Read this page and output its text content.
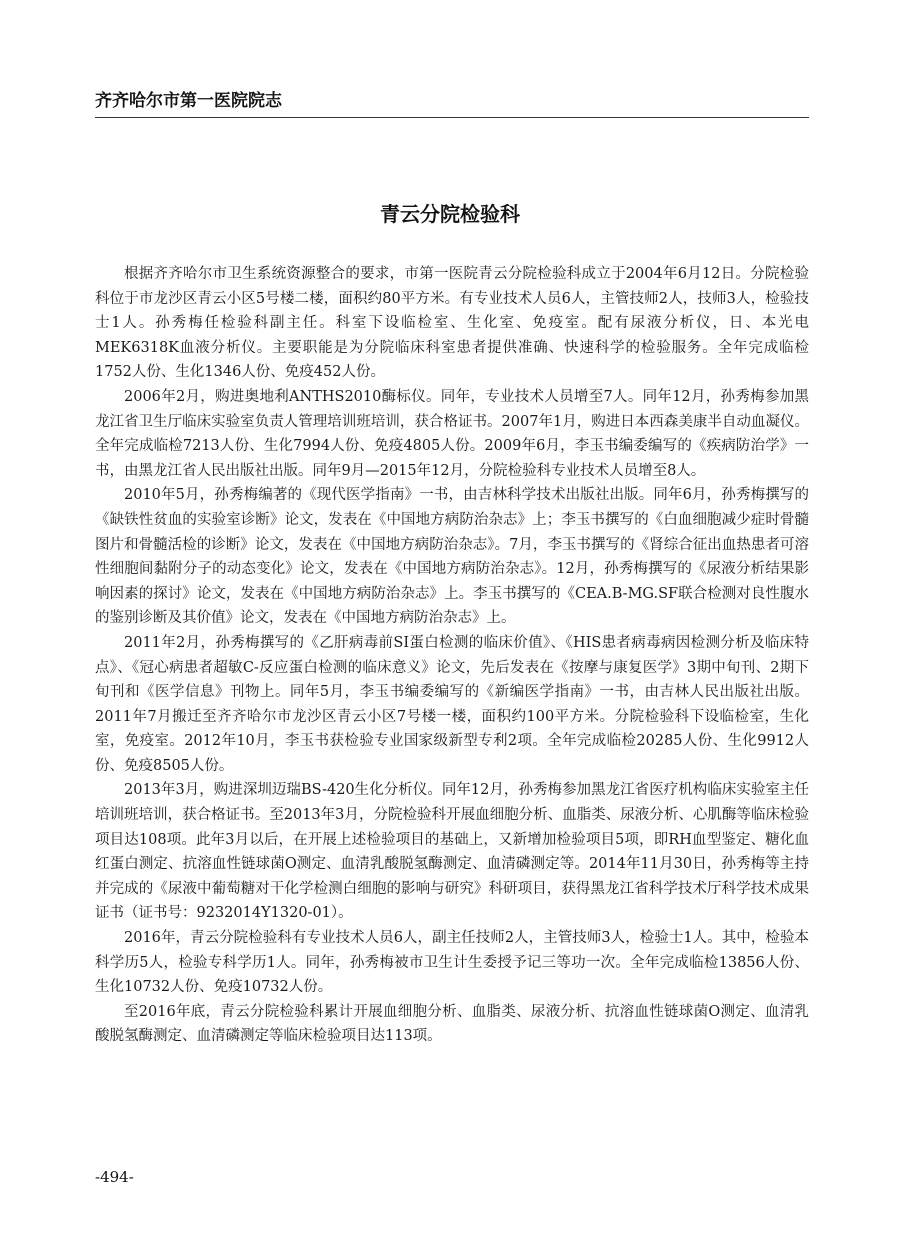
齐齐哈尔市第一医院院志
青云分院检验科

根据齐齐哈尔市卫生系统资源整合的要求，市第一医院青云分院检验科成立于2004年6月12日。分院检验科位于市龙沙区青云小区5号楼二楼，面积约80平方米。有专业技术人员6人，主管技师2人，技师3人，检验技士1人。孙秀梅任检验科副主任。科室下设临检室、生化室、免疫室。配有尿液分析仪，日、本光电MEK6318K血液分析仪。主要职能是为分院临床科室患者提供准确、快速科学的检验服务。全年完成临检1752人份、生化1346人份、免疫452人份。

2006年2月，购进奥地利ANTHS2010酶标仪。同年，专业技术人员增至7人。同年12月，孙秀梅参加黑龙江省卫生厅临床实验室负责人管理培训班培训，获合格证书。2007年1月，购进日本西森美康半自动血凝仪。全年完成临检7213人份、生化7994人份、免疫4805人份。2009年6月，李玉书编委编写的《疾病防治学》一书，由黑龙江省人民出版社出版。同年9月—2015年12月，分院检验科专业技术人员增至8人。

2010年5月，孙秀梅编著的《现代医学指南》一书，由吉林科学技术出版社出版。同年6月，孙秀梅撰写的《缺铁性贫血的实验室诊断》论文，发表在《中国地方病防治杂志》上；李玉书撰写的《白血细胞减少症时骨髓图片和骨髓活检的诊断》论文，发表在《中国地方病防治杂志》。7月，李玉书撰写的《肾综合征出血热患者可溶性细胞间黏附分子的动态变化》论文，发表在《中国地方病防治杂志》。12月，孙秀梅撰写的《尿液分析结果影响因素的探讨》论文，发表在《中国地方病防治杂志》上。李玉书撰写的《CEA.B-MG.SF联合检测对良性腹水的鉴别诊断及其价值》论文，发表在《中国地方病防治杂志》上。

2011年2月，孙秀梅撰写的《乙肝病毒前SI蛋白检测的临床价值》、《HIS患者病毒病因检测分析及临床特点》、《冠心病患者超敏C-反应蛋白检测的临床意义》论文，先后发表在《按摩与康复医学》3期中旬刊、2期下旬刊和《医学信息》刊物上。同年5月，李玉书编委编写的《新编医学指南》一书，由吉林人民出版社出版。2011年7月搬迁至齐齐哈尔市龙沙区青云小区7号楼一楼，面积约100平方米。分院检验科下设临检室，生化室，免疫室。2012年10月，李玉书获检验专业国家级新型专利2项。全年完成临检20285人份、生化9912人份、免疫8505人份。

2013年3月，购进深圳迈瑞BS-420生化分析仪。同年12月，孙秀梅参加黑龙江省医疗机构临床实验室主任培训班培训，获合格证书。至2013年3月，分院检验科开展血细胞分析、血脂类、尿液分析、心肌酶等临床检验项目达108项。此年3月以后，在开展上述检验项目的基础上，又新增加检验项目5项，即RH血型鉴定、糖化血红蛋白测定、抗溶血性链球菌O测定、血清乳酸脱氢酶测定、血清磷测定等。2014年11月30日，孙秀梅等主持并完成的《尿液中葡萄糖对干化学检测白细胞的影响与研究》科研项目，获得黑龙江省科学技术厅科学技术成果证书（证书号：9232014Y1320-01）。

2016年，青云分院检验科有专业技术人员6人，副主任技师2人，主管技师3人，检验士1人。其中，检验本科学历5人，检验专科学历1人。同年，孙秀梅被市卫生计生委授予记三等功一次。全年完成临检13856人份、生化10732人份、免疫10732人份。

至2016年底，青云分院检验科累计开展血细胞分析、血脂类、尿液分析、抗溶血性链球菌O测定、血清乳酸脱氢酶测定、血清磷测定等临床检验项目达113项。

-494-
